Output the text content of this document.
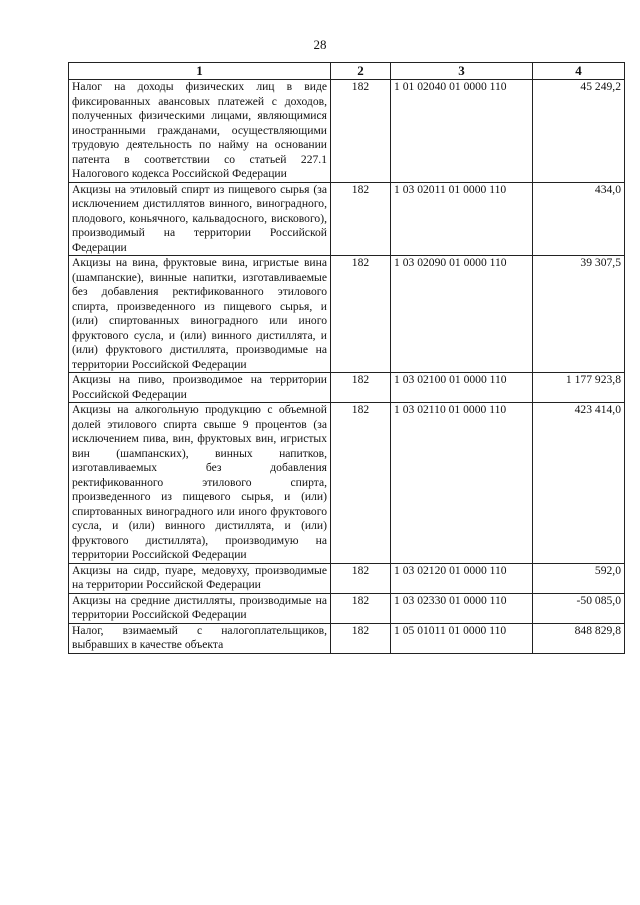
28
1	2	3	4
Налог на доходы физических лиц в виде фиксированных авансовых платежей с доходов, полученных физическими лицами, являющимися иностранными гражданами, осуществляющими трудовую деятельность по найму на основании патента в соответствии со статьей 227.1 Налогового кодекса Российской Федерации	182	1 01 02040 01 0000 110	45 249,2
Акцизы на этиловый спирт из пищевого сырья (за исключением дистиллятов винного, виноградного, плодового, коньячного, кальвадосного, вискового), производимый на территории Российской Федерации	182	1 03 02011 01 0000 110	434,0
Акцизы на вина, фруктовые вина, игристые вина (шампанские), винные напитки, изготавливаемые без добавления ректификованного этилового спирта, произведенного из пищевого сырья, и (или) спиртованных виноградного или иного фруктового сусла, и (или) винного дистиллята, и (или) фруктового дистиллята, производимые на территории Российской Федерации	182	1 03 02090 01 0000 110	39 307,5
Акцизы на пиво, производимое на территории Российской Федерации	182	1 03 02100 01 0000 110	1 177 923,8
Акцизы на алкогольную продукцию с объемной долей этилового спирта свыше 9 процентов (за исключением пива, вин, фруктовых вин, игристых вин (шампанских), винных напитков, изготавливаемых без добавления ректификованного этилового спирта, произведенного из пищевого сырья, и (или) спиртованных виноградного или иного фруктового сусла, и (или) винного дистиллята, и (или) фруктового дистиллята), производимую на территории Российской Федерации	182	1 03 02110 01 0000 110	423 414,0
Акцизы на сидр, пуаре, медовуху, производимые на территории Российской Федерации	182	1 03 02120 01 0000 110	592,0
Акцизы на средние дистилляты, производимые на территории Российской Федерации	182	1 03 02330 01 0000 110	-50 085,0
Налог, взимаемый с налогоплательщиков, выбравших в качестве объекта	182	1 05 01011 01 0000 110	848 829,8
